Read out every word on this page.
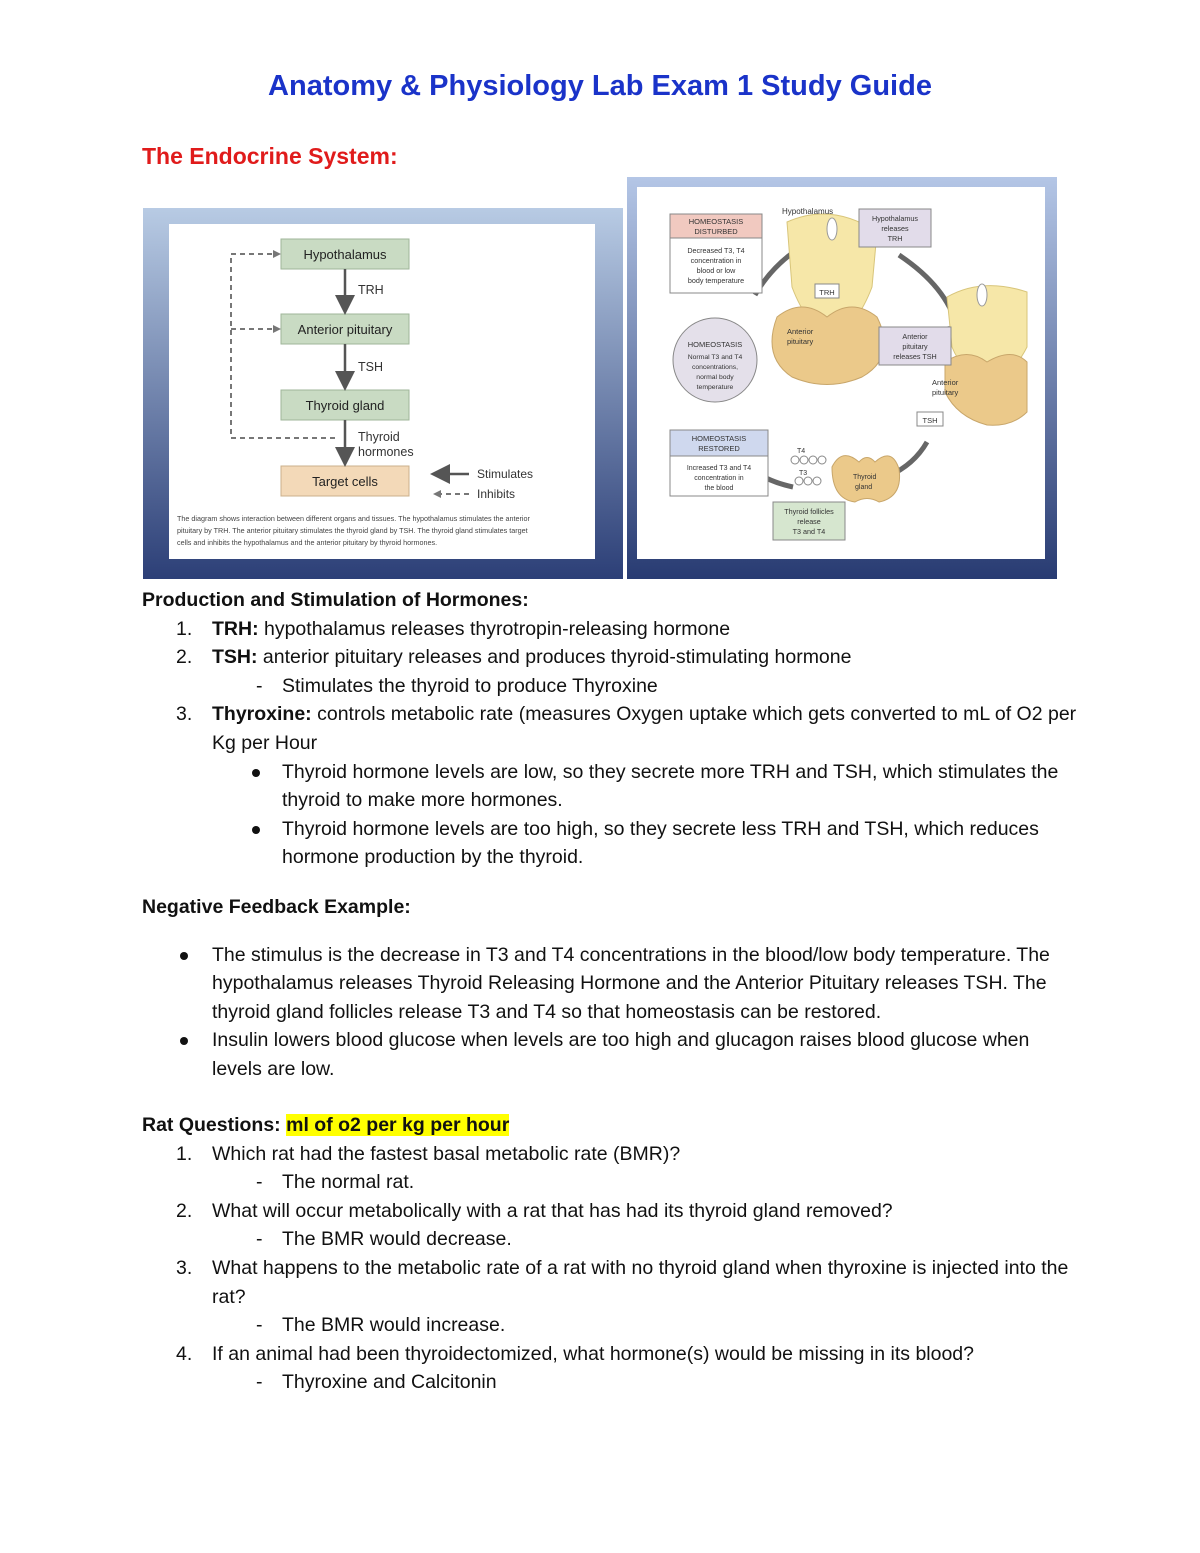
Anatomy & Physiology Lab Exam 1 Study Guide
The Endocrine System:
Hypothalamus
Anterior pituitary
Thyroid gland
Target cells
TRH
TSH
Thyroid
hormones
Stimulates
Inhibits
The diagram shows interaction between different organs and tissues. The hypothalamus stimulates the anterior
pituitary by TRH. The anterior pituitary stimulates the thyroid gland by TSH. The thyroid gland stimulates target
cells and inhibits the hypothalamus and the anterior pituitary by thyroid hormones.
HOMEOSTASIS
DISTURBED
Decreased T3, T4
concentration in
blood or low
body temperature
HOMEOSTASIS
Normal T3 and T4
concentrations,
normal body
temperature
HOMEOSTASIS
RESTORED
Increased T3 and T4
concentration in
the blood
Hypothalamus
Hypothalamus
releases
TRH
TRH
Anterior
pituitary
Anterior
pituitary
releases TSH
Anterior
pituitary
TSH
Thyroid
gland
T4
T3
Thyroid follicles
release
T3 and T4

Production and Stimulation of Hormones:

1. TRH: hypothalamus releases thyrotropin-releasing hormone
2. TSH: anterior pituitary releases and produces thyroid-stimulating hormone
- Stimulates the thyroid to produce Thyroxine
3. Thyroxine: controls metabolic rate (measures Oxygen uptake which gets converted to mL of O2 per Kg per Hour
Thyroid hormone levels are low, so they secrete more TRH and TSH, which stimulates the thyroid to make more hormones.
Thyroid hormone levels are too high, so they secrete less TRH and TSH, which reduces hormone production by the thyroid.

Negative Feedback Example:

The stimulus is the decrease in T3 and T4 concentrations in the blood/low body temperature. The hypothalamus releases Thyroid Releasing Hormone and the Anterior Pituitary releases TSH. The thyroid gland follicles release T3 and T4 so that homeostasis can be restored.
Insulin lowers blood glucose when levels are too high and glucagon raises blood glucose when levels are low.

Rat Questions: ml of o2 per kg per hour

1. Which rat had the fastest basal metabolic rate (BMR)?
- The normal rat.
2. What will occur metabolically with a rat that has had its thyroid gland removed?
- The BMR would decrease.
3. What happens to the metabolic rate of a rat with no thyroid gland when thyroxine is injected into the rat?
- The BMR would increase.
4. If an animal had been thyroidectomized, what hormone(s) would be missing in its blood?
- Thyroxine and Calcitonin
